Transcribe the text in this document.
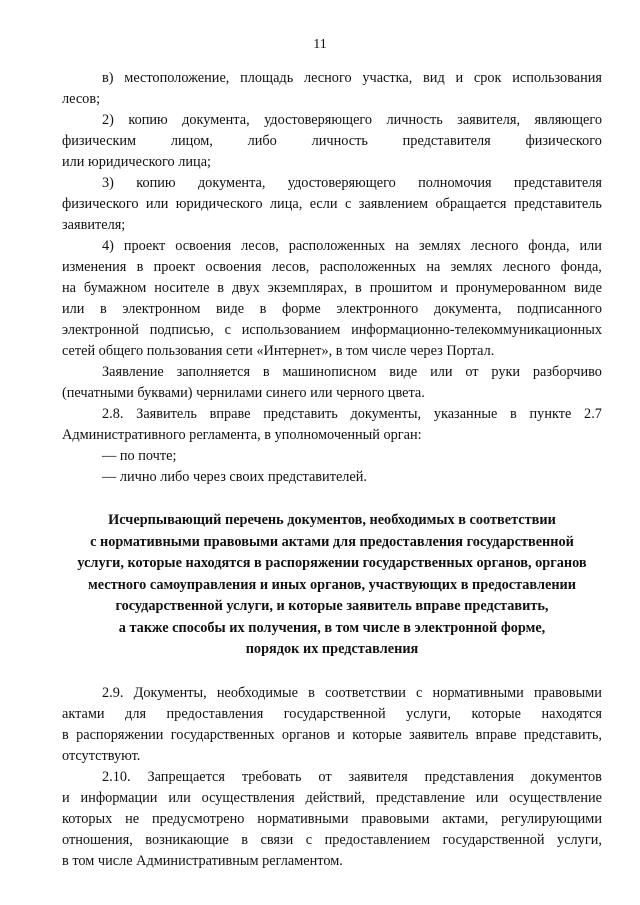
11
в) местоположение, площадь лесного участка, вид и срок использования
лесов;
2) копию документа, удостоверяющего личность заявителя, являющего
физическим лицом, либо личность представителя физического
или юридического лица;
3) копию документа, удостоверяющего полномочия представителя
физического или юридического лица, если с заявлением обращается представитель
заявителя;
4) проект освоения лесов, расположенных на землях лесного фонда, или
изменения в проект освоения лесов, расположенных на землях лесного фонда,
на бумажном носителе в двух экземплярах, в прошитом и пронумерованном виде
или в электронном виде в форме электронного документа, подписанного
электронной подписью, с использованием информационно-телекоммуникационных
сетей общего пользования сети «Интернет», в том числе через Портал.
Заявление заполняется в машинописном виде или от руки разборчиво
(печатными буквами) чернилами синего или черного цвета.
2.8. Заявитель вправе представить документы, указанные в пункте 2.7
Административного регламента, в уполномоченный орган:
— по почте;
— лично либо через своих представителей.
Исчерпывающий перечень документов, необходимых в соответствии
с нормативными правовыми актами для предоставления государственной
услуги, которые находятся в распоряжении государственных органов, органов
местного самоуправления и иных органов, участвующих в предоставлении
государственной услуги, и которые заявитель вправе представить,
а также способы их получения, в том числе в электронной форме,
порядок их представления
2.9. Документы, необходимые в соответствии с нормативными правовыми
актами для предоставления государственной услуги, которые находятся
в распоряжении государственных органов и которые заявитель вправе представить,
отсутствуют.
2.10. Запрещается требовать от заявителя представления документов
и информации или осуществления действий, представление или осуществление
которых не предусмотрено нормативными правовыми актами, регулирующими
отношения, возникающие в связи с предоставлением государственной услуги,
в том числе Административным регламентом.
